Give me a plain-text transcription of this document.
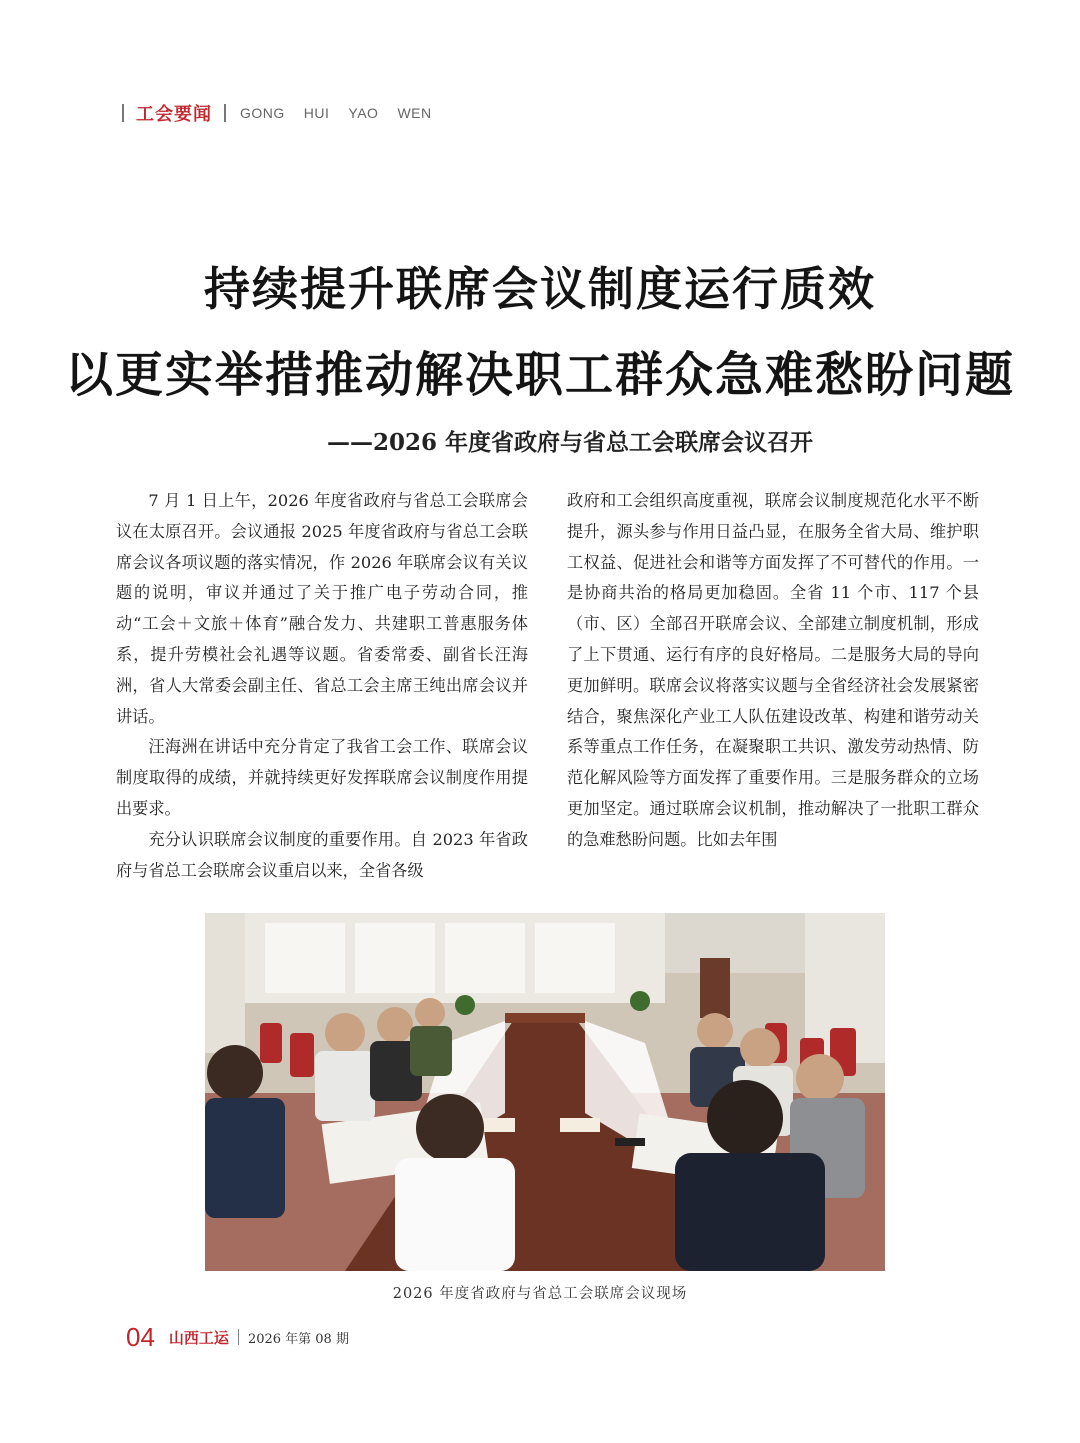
工会要闻 GONG HUI YAO WEN
持续提升联席会议制度运行质效
以更实举措推动解决职工群众急难愁盼问题
——2026 年度省政府与省总工会联席会议召开

7 月 1 日上午，2026 年度省政府与省总工会联席会议在太原召开。会议通报 2025 年度省政府与省总工会联席会议各项议题的落实情况，作 2026 年联席会议有关议题的说明，审议并通过了关于推广电子劳动合同，推动“工会＋文旅＋体育”融合发力、共建职工普惠服务体系，提升劳模社会礼遇等议题。省委常委、副省长汪海洲，省人大常委会副主任、省总工会主席王纯出席会议并讲话。

汪海洲在讲话中充分肯定了我省工会工作、联席会议制度取得的成绩，并就持续更好发挥联席会议制度作用提出要求。

充分认识联席会议制度的重要作用。自 2023 年省政府与省总工会联席会议重启以来，全省各级

政府和工会组织高度重视，联席会议制度规范化水平不断提升，源头参与作用日益凸显，在服务全省大局、维护职工权益、促进社会和谐等方面发挥了不可替代的作用。一是协商共治的格局更加稳固。全省 11 个市、117 个县（市、区）全部召开联席会议、全部建立制度机制，形成了上下贯通、运行有序的良好格局。二是服务大局的导向更加鲜明。联席会议将落实议题与全省经济社会发展紧密结合，聚焦深化产业工人队伍建设改革、构建和谐劳动关系等重点工作任务，在凝聚职工共识、激发劳动热情、防范化解风险等方面发挥了重要作用。三是服务群众的立场更加坚定。通过联席会议机制，推动解决了一批职工群众的急难愁盼问题。比如去年围

2026 年度省政府与省总工会联席会议现场
04 山西工运 2026 年第 08 期
